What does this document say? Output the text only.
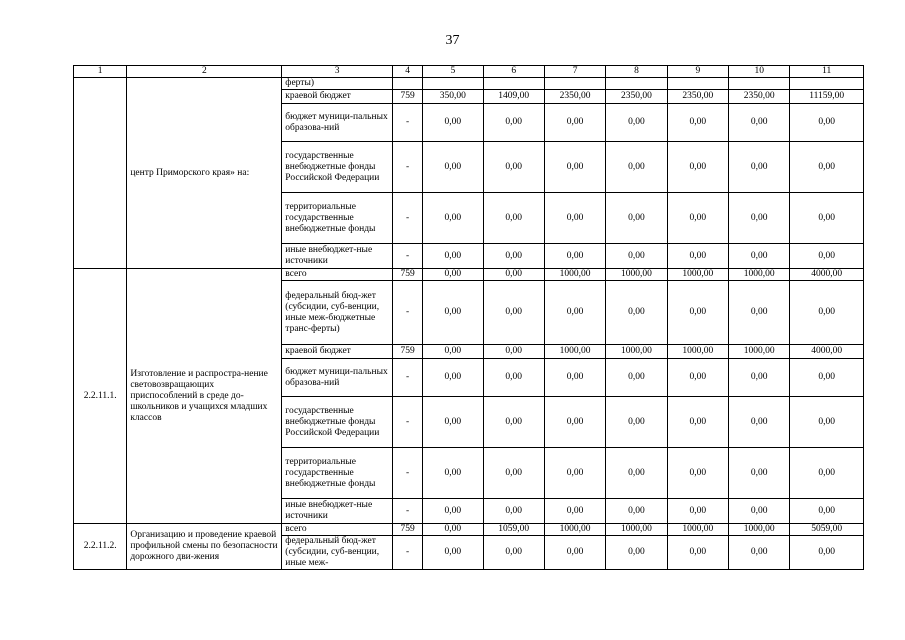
37
1	2	3	4	5	6	7	8	9	10	11
	центр Приморского края» на:	ферты)								
		краевой бюджет	759	350,00	1409,00	2350,00	2350,00	2350,00	2350,00	11159,00
		бюджет муници-пальных образова-ний	-	0,00	0,00	0,00	0,00	0,00	0,00	0,00
		государственные внебюджетные фонды Российской Федерации	-	0,00	0,00	0,00	0,00	0,00	0,00	0,00
		территориальные государственные внебюджетные фонды	-	0,00	0,00	0,00	0,00	0,00	0,00	0,00
		иные внебюджет-ные источники	-	0,00	0,00	0,00	0,00	0,00	0,00	0,00
2.2.11.1.	Изготовление и распростра-нение световозвращающих приспособлений в среде до-школьников и учащихся младших классов	всего	759	0,00	0,00	1000,00	1000,00	1000,00	1000,00	4000,00
		федеральный бюд-жет (субсидии, суб-венции, иные меж-бюджетные транс-ферты)	-	0,00	0,00	0,00	0,00	0,00	0,00	0,00
		краевой бюджет	759	0,00	0,00	1000,00	1000,00	1000,00	1000,00	4000,00
		бюджет муници-пальных образова-ний	-	0,00	0,00	0,00	0,00	0,00	0,00	0,00
		государственные внебюджетные фонды Российской Федерации	-	0,00	0,00	0,00	0,00	0,00	0,00	0,00
		территориальные государственные внебюджетные фонды	-	0,00	0,00	0,00	0,00	0,00	0,00	0,00
		иные внебюджет-ные источники	-	0,00	0,00	0,00	0,00	0,00	0,00	0,00
2.2.11.2.	Организацию и проведение краевой профильной смены по безопасности дорожного дви-жения	всего	759	0,00	1059,00	1000,00	1000,00	1000,00	1000,00	5059,00
		федеральный бюд-жет (субсидии, суб-венции, иные меж-	-	0,00	0,00	0,00	0,00	0,00	0,00	0,00
